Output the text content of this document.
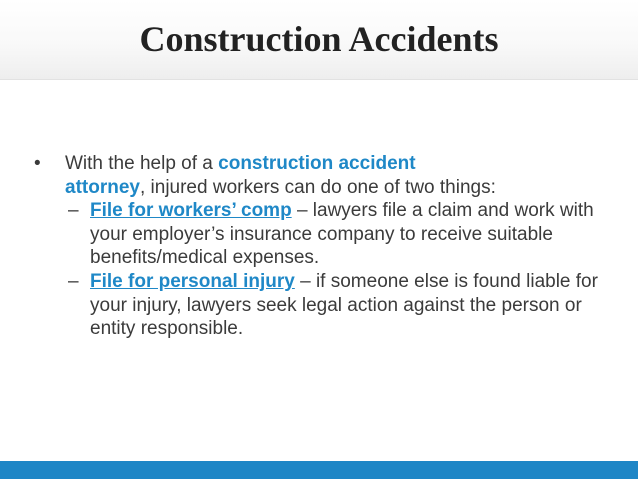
Construction Accidents
• With the help of a construction accident
attorney, injured workers can do one of two things:
– File for workers’ comp – lawyers file a claim and work with your employer’s insurance company to receive suitable benefits/medical expenses.
– File for personal injury – if someone else is found liable for your injury, lawyers seek legal action against the person or entity responsible.
